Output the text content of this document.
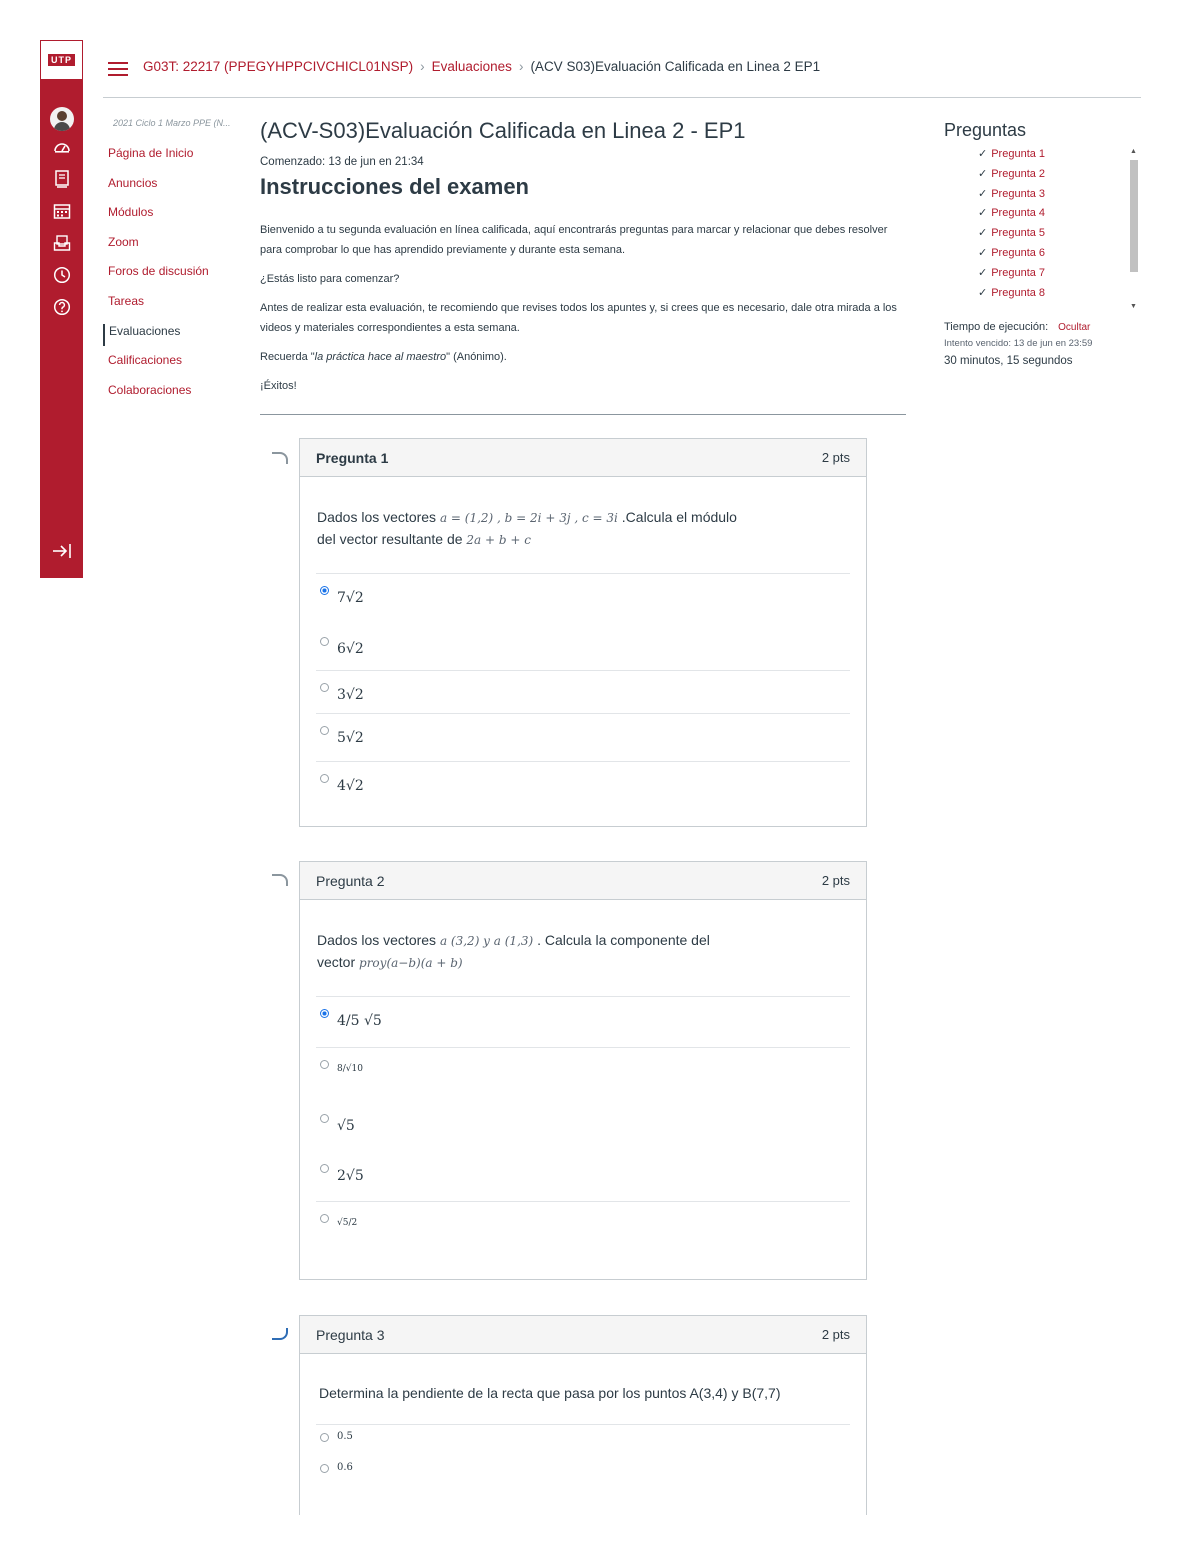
UTP	G03T: 22217 (PPEGYHPPCIVCHICL01NSP) › Evaluaciones › (ACV S03)Evaluación Calificada en Linea 2 EP1
2021 Ciclo 1 Marzo PPE (N...
Página de Inicio
Anuncios
Módulos
Zoom
Foros de discusión
Tareas
Evaluaciones
Calificaciones
Colaboraciones
(ACV-S03)Evaluación Calificada en Linea 2 - EP1
Comenzado: 13 de jun en 21:34
Instrucciones del examen

Bienvenido a tu segunda evaluación en línea calificada, aquí encontrarás preguntas para marcar y relacionar que debes resolver para comprobar lo que has aprendido previamente y durante esta semana.

¿Estás listo para comenzar?

Antes de realizar esta evaluación, te recomiendo que revises todos los apuntes y, si crees que es necesario, dale otra mirada a los videos y materiales correspondientes a esta semana.

Recuerda "la práctica hace al maestro" (Anónimo).

¡Éxitos!

Pregunta 1	2 pts
Dados los vectores a = (1,2) , b = 2i + 3j , c = 3i .Calcula el módulo
del vector resultante de 2a + b + c
7√2
6√2
3√2
5√2
4√2
Pregunta 2	2 pts
Dados los vectores a (3,2) y a (1,3) . Calcula la componente del
vector proy(a−b)(a + b)
4/5 √5
8/√10
√5
2√5
√5/2
Pregunta 3	2 pts
Determina la pendiente de la recta que pasa por los puntos A(3,4) y B(7,7)
0.5
0.6
Preguntas
✓ Pregunta 1
✓ Pregunta 2
✓ Pregunta 3
✓ Pregunta 4
✓ Pregunta 5
✓ Pregunta 6
✓ Pregunta 7
✓ Pregunta 8
▲
▼
Tiempo de ejecución: Ocultar
Intento vencido: 13 de jun en 23:59
30 minutos, 15 segundos
